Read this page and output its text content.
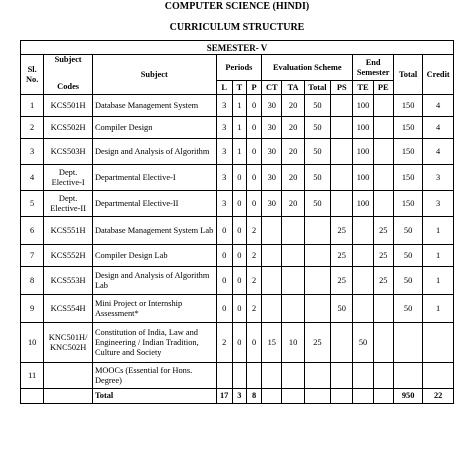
COMPUTER SCIENCE (HINDI)
CURRICULUM STRUCTURE
SEMESTER- V													
Sl. No.	Subject	Subject	Periods			Evaluation Scheme				End Semester		Total	Credit
	Codes		L	T	P	CT	TA	Total	PS	TE	PE		
1	KCS501H	Database Management System	3	1	0	30	20	50		100		150	4
2	KCS502H	Compiler Design	3	1	0	30	20	50		100		150	4
3	KCS503H	Design and Analysis of Algorithm	3	1	0	30	20	50		100		150	4
4	Dept. Elective-I	Departmental Elective-I	3	0	0	30	20	50		100		150	3
5	Dept. Elective-II	Departmental Elective-II	3	0	0	30	20	50		100		150	3
6	KCS551H	Database Management System Lab	0	0	2				25		25	50	1
7	KCS552H	Compiler Design Lab	0	0	2				25		25	50	1
8	KCS553H	Design and Analysis of Algorithm Lab	0	0	2				25		25	50	1
9	KCS554H	Mini Project or Internship Assessment*	0	0	2				50			50	1
10	KNC501H/ KNC502H	Constitution of India, Law and Engineering / Indian Tradition, Culture and Society	2	0	0	15	10	25		50			
11		MOOCs (Essential for Hons. Degree)											
		Total	17	3	8							950	22
